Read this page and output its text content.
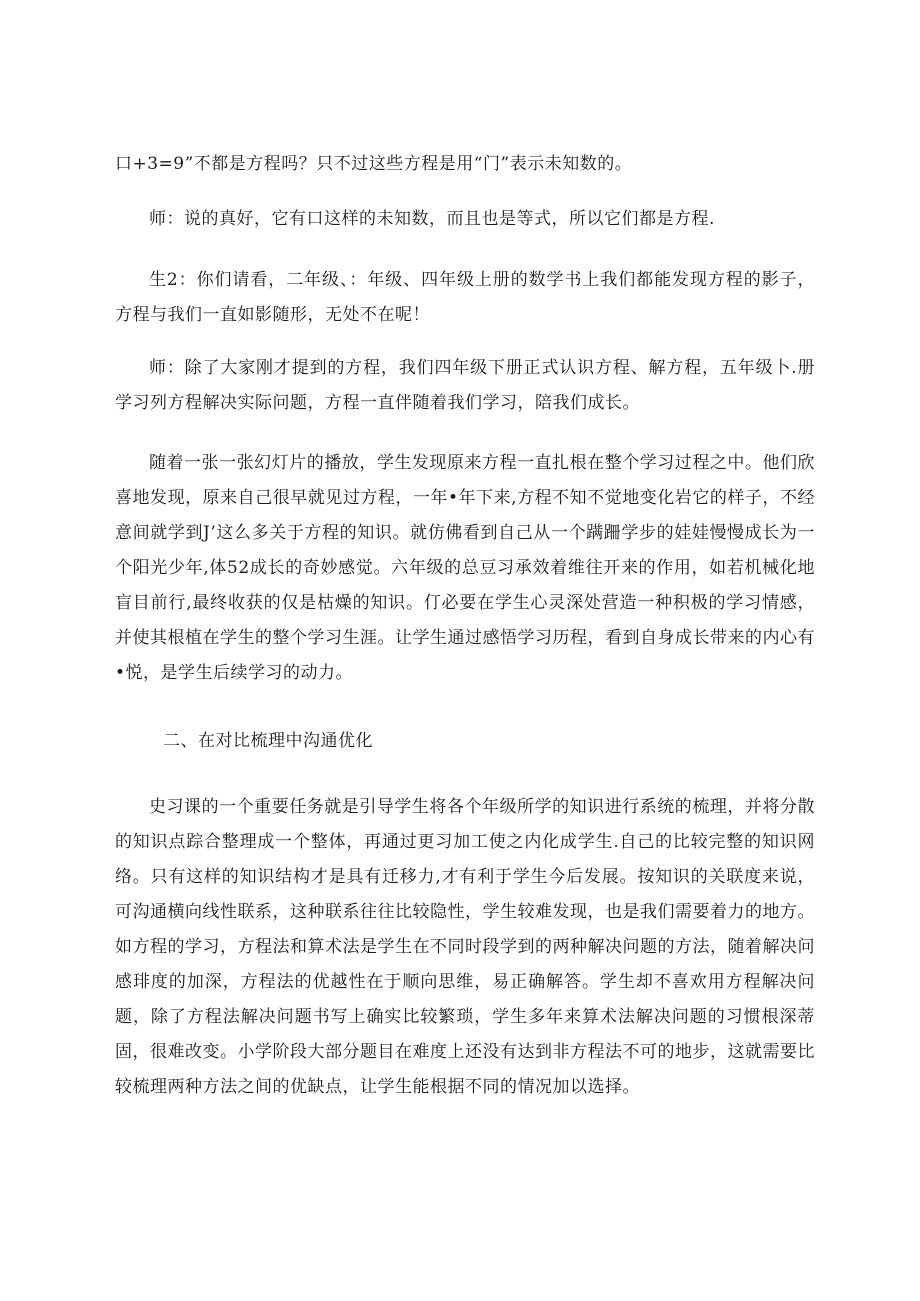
口+3=9”不都是方程吗？只不过这些方程是用“门”表示未知数的。

师：说的真好，它有口这样的未知数，而且也是等式，所以它们都是方程.

生2：你们请看，二年级、：年级、四年级上册的数学书上我们都能发现方程的影子，方程与我们一直如影随形，无处不在呢！

师：除了大家刚才提到的方程，我们四年级下册正式认识方程、解方程，五年级卜.册学习列方程解决实际问题，方程一直伴随着我们学习，陪我们成长。

随着一张一张幻灯片的播放，学生发现原来方程一直扎根在整个学习过程之中。他们欣喜地发现，原来自己很早就见过方程，一年•年下来,方程不知不觉地变化岩它的样子，不经意间就学到J’这么多关于方程的知识。就仿佛看到自己从一个蹒跚学步的娃娃慢慢成长为一个阳光少年,体52成长的奇妙感觉。六年级的总豆习承效着维往开来的作用，如若机械化地盲目前行,最终收获的仅是枯燥的知识。仃必要在学生心灵深处营造一种积极的学习情感，并使其根植在学生的整个学习生涯。让学生通过感悟学习历程，看到自身成长带来的内心有•悦，是学生后续学习的动力。

二、在对比梳理中沟通优化

史习课的一个重要任务就是引导学生将各个年级所学的知识进行系统的梳理，并将分散的知识点踪合整理成一个整体，再通过更习加工使之内化成学生.自己的比较完整的知识网络。只有这样的知识结构才是具有迁移力,才有利于学生今后发展。按知识的关联度来说，可沟通横向线性联系，这种联系往往比较隐性，学生较难发现，也是我们需要着力的地方。如方程的学习，方程法和算术法是学生在不同时段学到的两种解决问题的方法，随着解决问感琲度的加深，方程法的优越性在于顺向思维，易正确解答。学生却不喜欢用方程解决问题，除了方程法解决问题书写上确实比较繁琐，学生多年来算术法解决问题的习惯根深蒂固，很难改变。小学阶段大部分题目在难度上还没有达到非方程法不可的地步，这就需要比较梳理两种方法之间的优缺点，让学生能根据不同的情况加以选择。
